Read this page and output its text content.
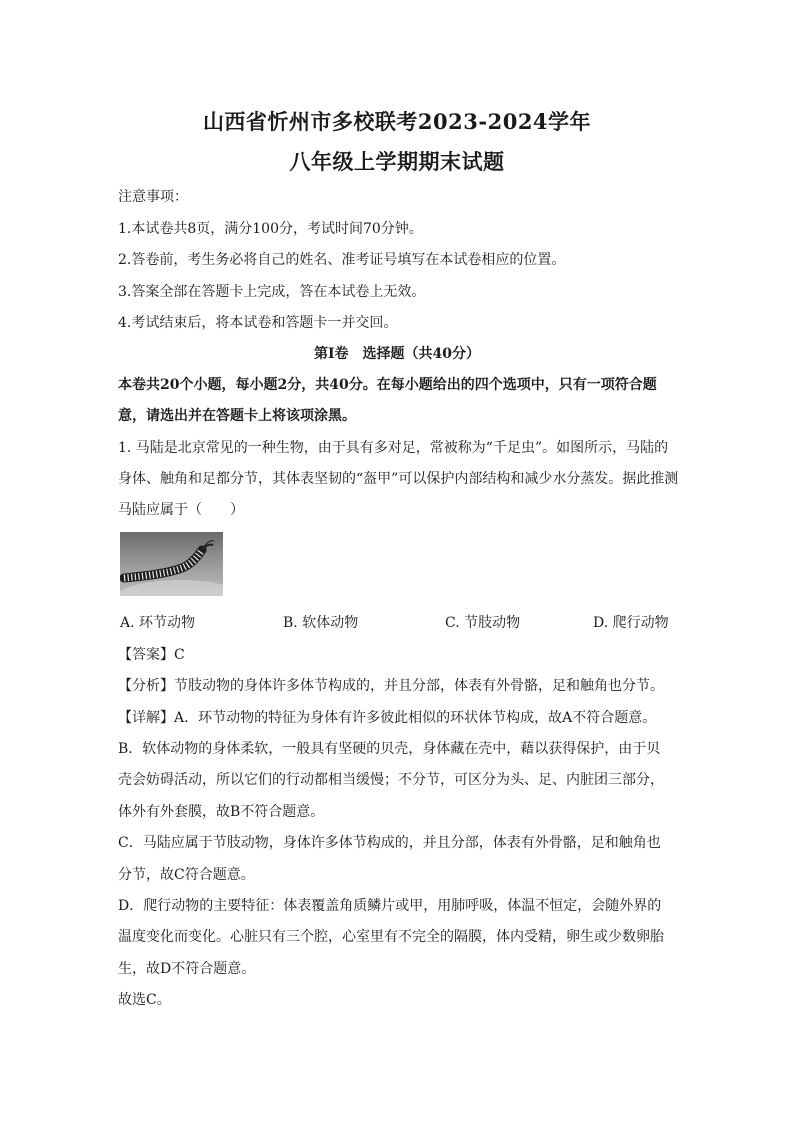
山西省忻州市多校联考2023-2024学年
八年级上学期期末试题
注意事项：
1.本试卷共8页，满分100分，考试时间70分钟。
2.答卷前，考生务必将自己的姓名、准考证号填写在本试卷相应的位置。
3.答案全部在答题卡上完成，答在本试卷上无效。
4.考试结束后，将本试卷和答题卡一并交回。
第Ⅰ卷　选择题（共40分）
本卷共20个小题，每小题2分，共40分。在每小题给出的四个选项中，只有一项符合题
意，请选出并在答题卡上将该项涂黑。
1. 马陆是北京常见的一种生物，由于具有多对足，常被称为“千足虫”。如图所示，马陆的
身体、触角和足都分节，其体表坚韧的“盔甲”可以保护内部结构和减少水分蒸发。据此推测
马陆应属于（　　）
A. 环节动物	B. 软体动物	C. 节肢动物	D. 爬行动物
【答案】C
【分析】节肢动物的身体许多体节构成的，并且分部，体表有外骨骼，足和触角也分节。
【详解】A．环节动物的特征为身体有许多彼此相似的环状体节构成，故A不符合题意。
B．软体动物的身体柔软，一般具有坚硬的贝壳，身体藏在壳中，藉以获得保护，由于贝
壳会妨碍活动，所以它们的行动都相当缓慢；不分节，可区分为头、足、内脏团三部分，
体外有外套膜，故B不符合题意。
C．马陆应属于节肢动物，身体许多体节构成的，并且分部，体表有外骨骼，足和触角也
分节，故C符合题意。
D．爬行动物的主要特征：体表覆盖角质鳞片或甲，用肺呼吸，体温不恒定，会随外界的
温度变化而变化。心脏只有三个腔，心室里有不完全的隔膜，体内受精，卵生或少数卵胎
生，故D不符合题意。
故选C。
